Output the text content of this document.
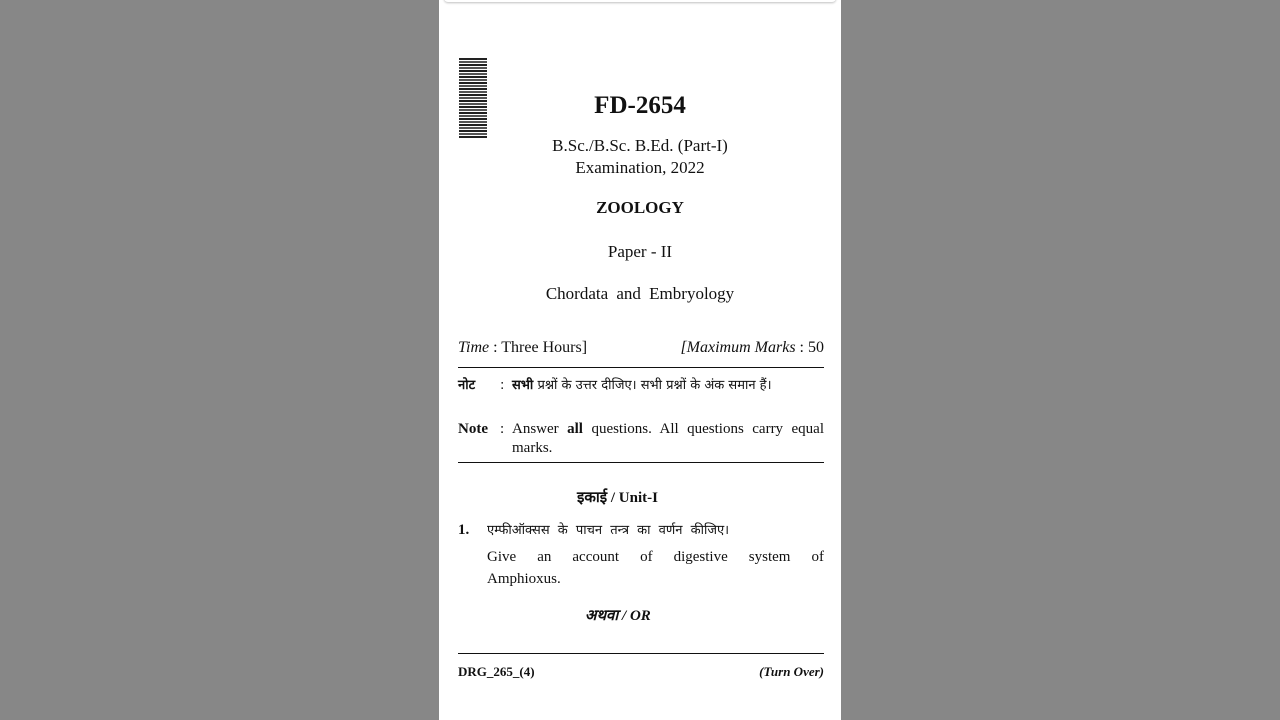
FD-2654
B.Sc./B.Sc. B.Ed. (Part-I)
Examination, 2022
ZOOLOGY
Paper - II
Chordata and Embryology
Time : Three Hours]	[Maximum Marks : 50
नोट : सभी प्रश्नों के उत्तर दीजिए। सभी प्रश्नों के अंक समान हैं।
Note : Answer all questions. All questions carry equal marks.
इकाई / Unit-I
1. एम्फीऑक्सस के पाचन तन्त्र का वर्णन कीजिए।
Give an account of digestive system of Amphioxus.
अथवा / OR
DRG_265_(4)	(Turn Over)
